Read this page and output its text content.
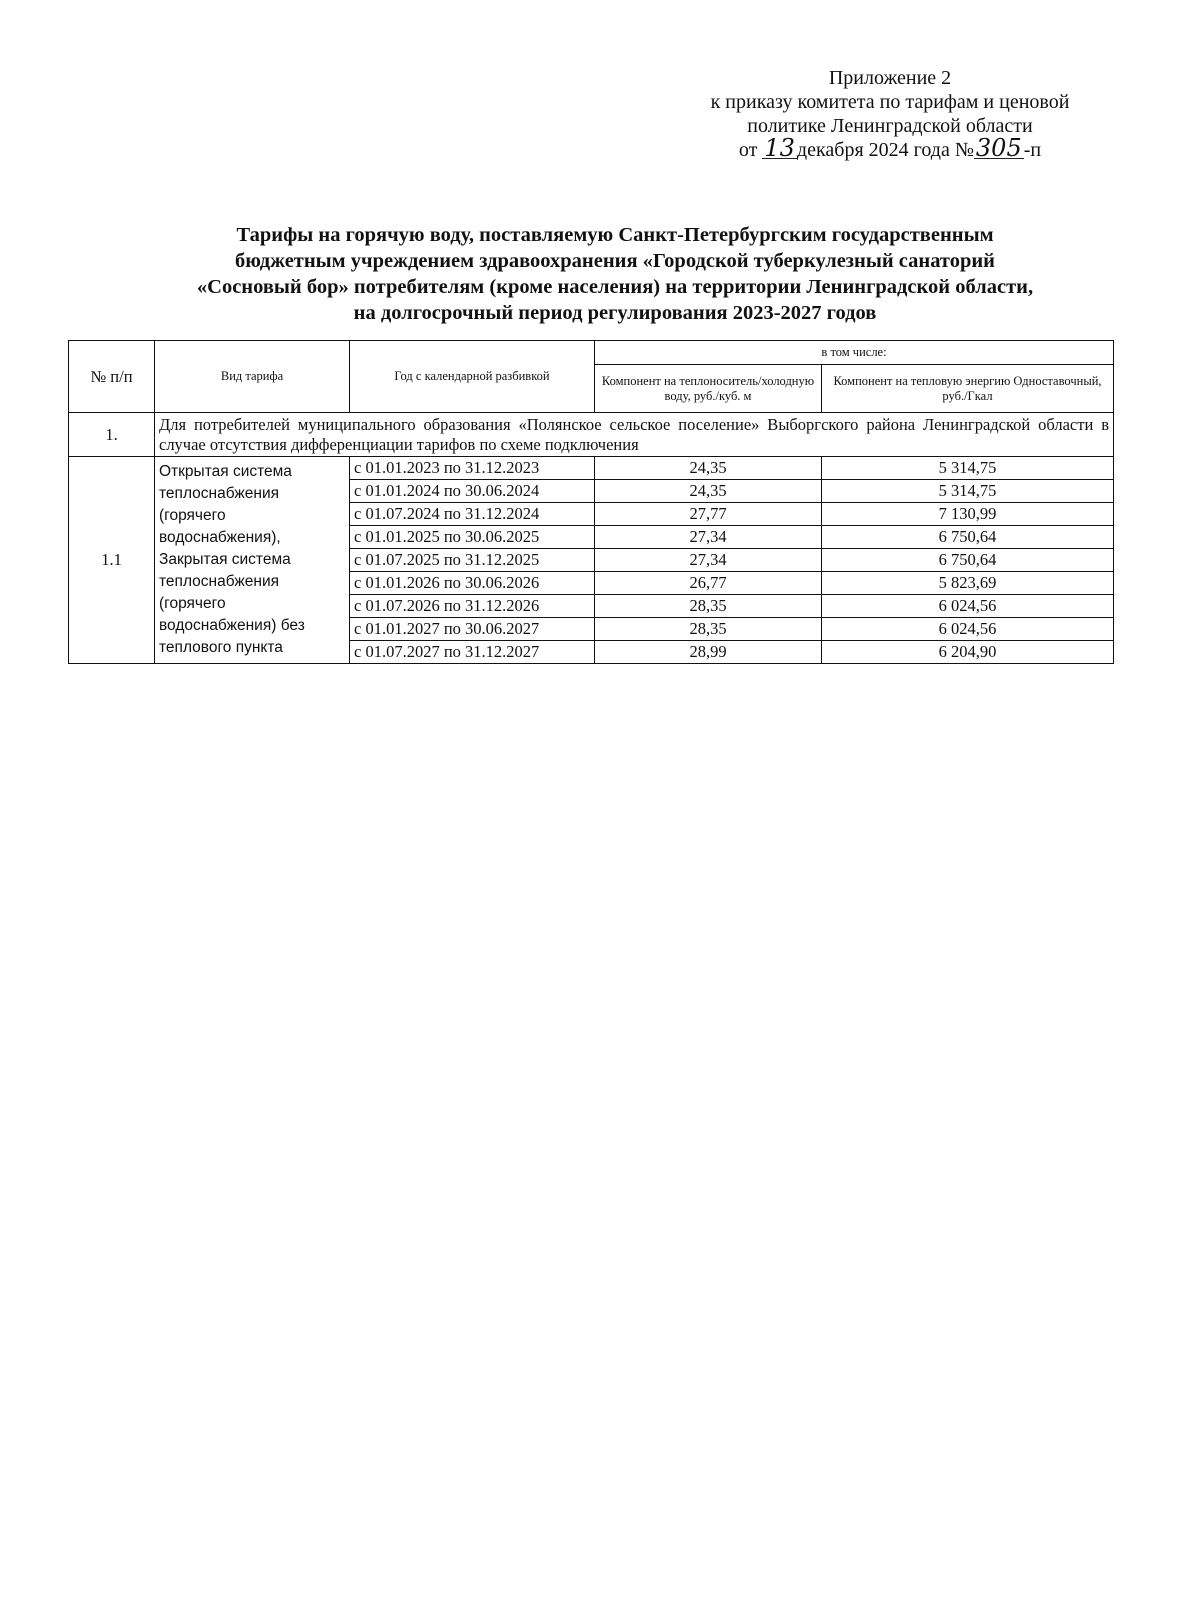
Приложение 2
к приказу комитета по тарифам и ценовой
политике Ленинградской области
от 13 декабря 2024 года №305 -п
Тарифы на горячую воду, поставляемую Санкт-Петербургским государственным
бюджетным учреждением здравоохранения «Городской туберкулезный санаторий
«Сосновый бор» потребителям (кроме населения) на территории Ленинградской области,
на долгосрочный период регулирования 2023-2027 годов
№ п/п	Вид тарифа	Год с календарной разбивкой	в том числе:	
			Компонент на теплоноситель/холодную воду, руб./куб. м	Компонент на тепловую энергию Одноставочный, руб./Гкал
1.	Для потребителей муниципального образования «Полянское сельское поселение» Выборгского района Ленинградской области в случае отсутствия дифференциации тарифов по схеме подключения			
1.1	Открытая система теплоснабжения (горячего водоснабжения), Закрытая система теплоснабжения (горячего водоснабжения) без теплового пункта	с 01.01.2023 по 31.12.2023	24,35	5 314,75
		с 01.01.2024 по 30.06.2024	24,35	5 314,75
		с 01.07.2024 по 31.12.2024	27,77	7 130,99
		с 01.01.2025 по 30.06.2025	27,34	6 750,64
		с 01.07.2025 по 31.12.2025	27,34	6 750,64
		с 01.01.2026 по 30.06.2026	26,77	5 823,69
		с 01.07.2026 по 31.12.2026	28,35	6 024,56
		с 01.01.2027 по 30.06.2027	28,35	6 024,56
		с 01.07.2027 по 31.12.2027	28,99	6 204,90
